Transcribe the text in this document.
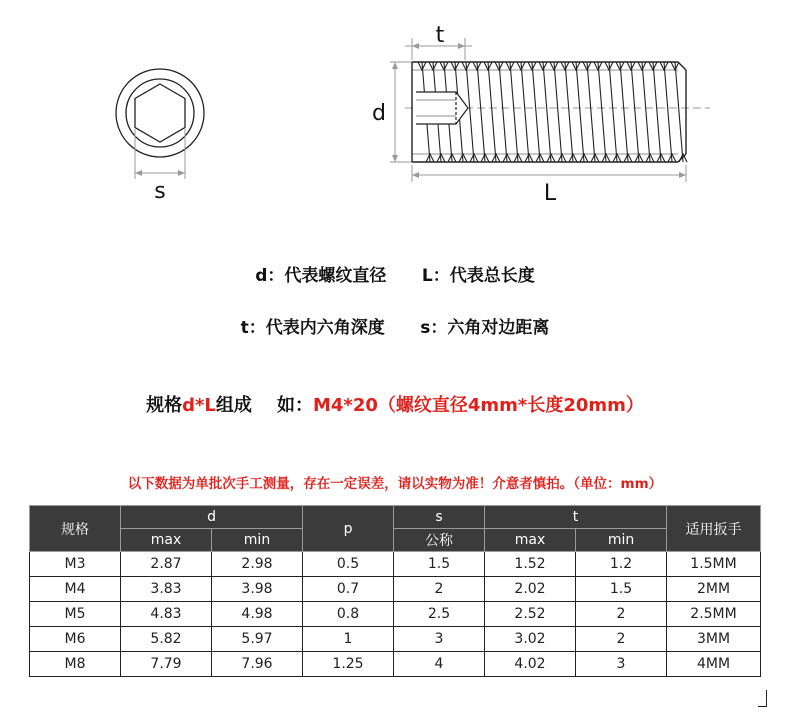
s
d
t
L
d：代表螺纹直径      L：代表总长度
t：代表内六角深度      s：六角对边距离
规格d*L组成    如：M4*20（螺纹直径4mm*长度20mm）
以下数据为单批次手工测量，存在一定误差，请以实物为准！介意者慎拍。（单位：mm）
规格	d		p	s	t		适用扳手
	max	min		公称	max	min	
M3	2.87	2.98	0.5	1.5	1.52	1.2	1.5MM
M4	3.83	3.98	0.7	2	2.02	1.5	2MM
M5	4.83	4.98	0.8	2.5	2.52	2	2.5MM
M6	5.82	5.97	1	3	3.02	2	3MM
M8	7.79	7.96	1.25	4	4.02	3	4MM
